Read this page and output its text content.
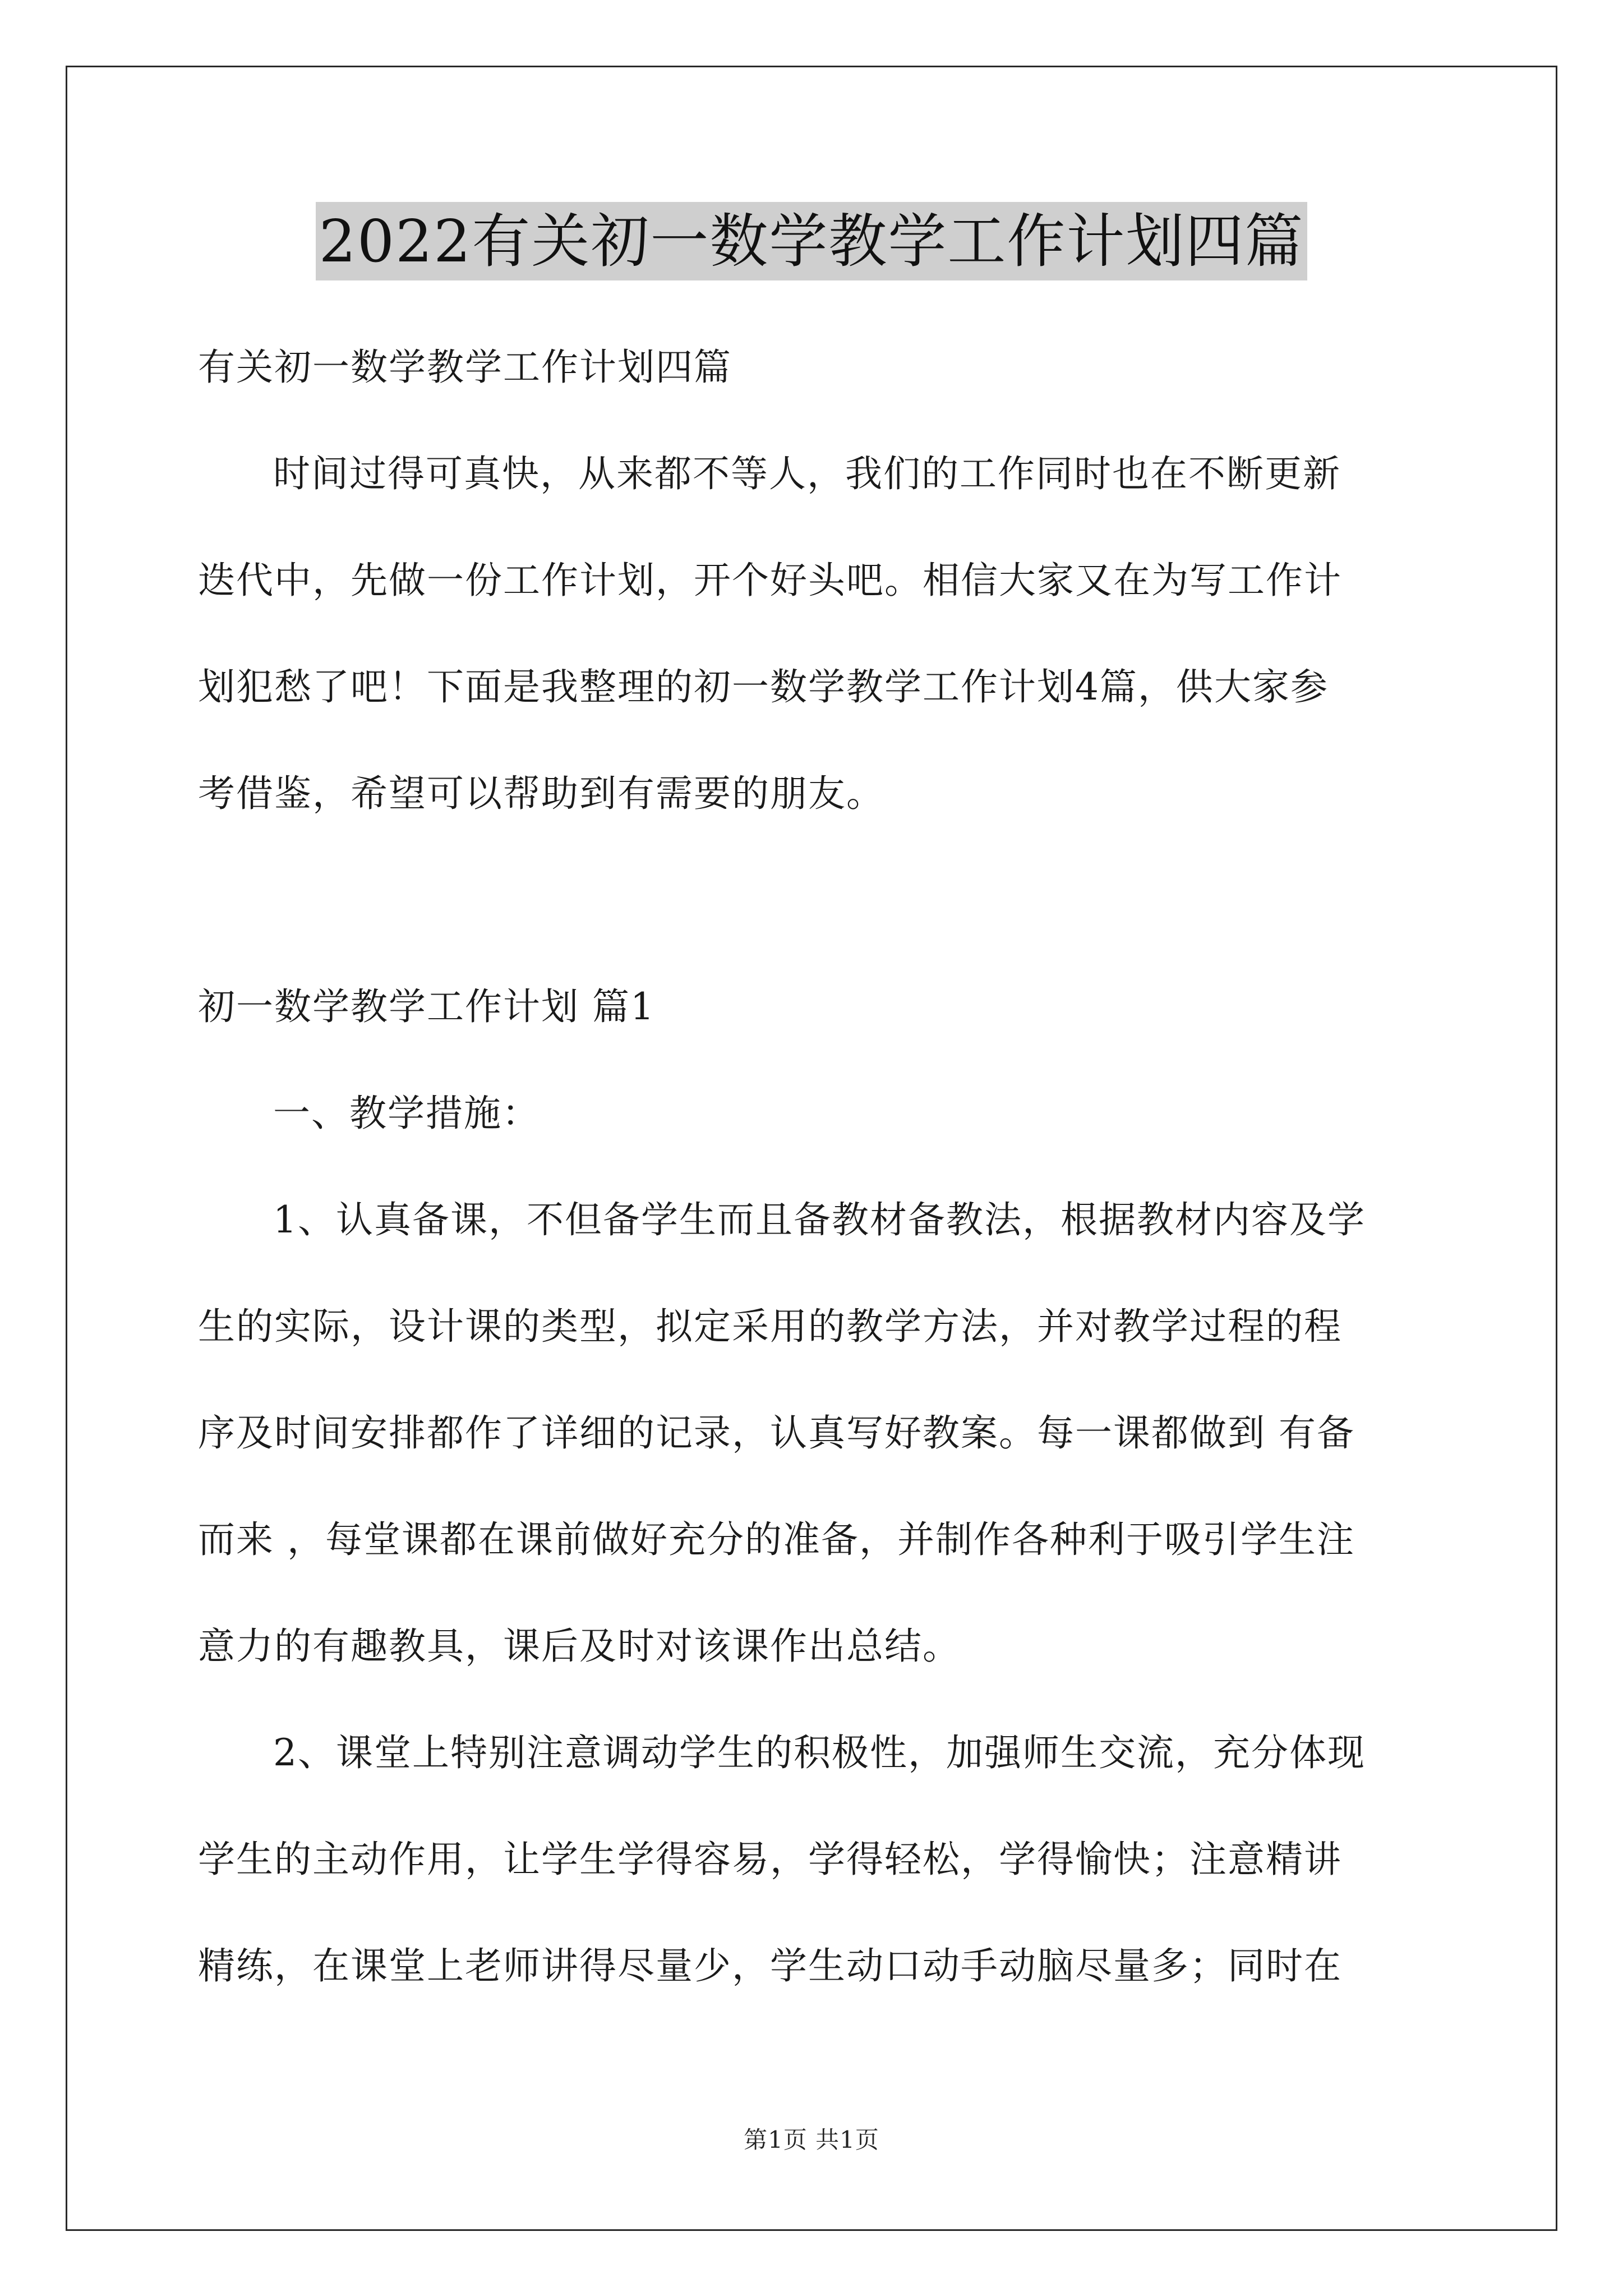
2022有关初一数学教学工作计划四篇
有关初一数学教学工作计划四篇
时间过得可真快，从来都不等人，我们的工作同时也在不断更新
迭代中，先做一份工作计划，开个好头吧。相信大家又在为写工作计
划犯愁了吧！下面是我整理的初一数学教学工作计划4篇，供大家参
考借鉴，希望可以帮助到有需要的朋友。
初一数学教学工作计划 篇1
一、教学措施：
1、认真备课，不但备学生而且备教材备教法，根据教材内容及学
生的实际，设计课的类型，拟定采用的教学方法，并对教学过程的程
序及时间安排都作了详细的记录，认真写好教案。每一课都做到 有备
而来 ，每堂课都在课前做好充分的准备，并制作各种利于吸引学生注
意力的有趣教具，课后及时对该课作出总结。
2、课堂上特别注意调动学生的积极性，加强师生交流，充分体现
学生的主动作用，让学生学得容易，学得轻松，学得愉快；注意精讲
精练，在课堂上老师讲得尽量少，学生动口动手动脑尽量多；同时在
第1页 共1页
